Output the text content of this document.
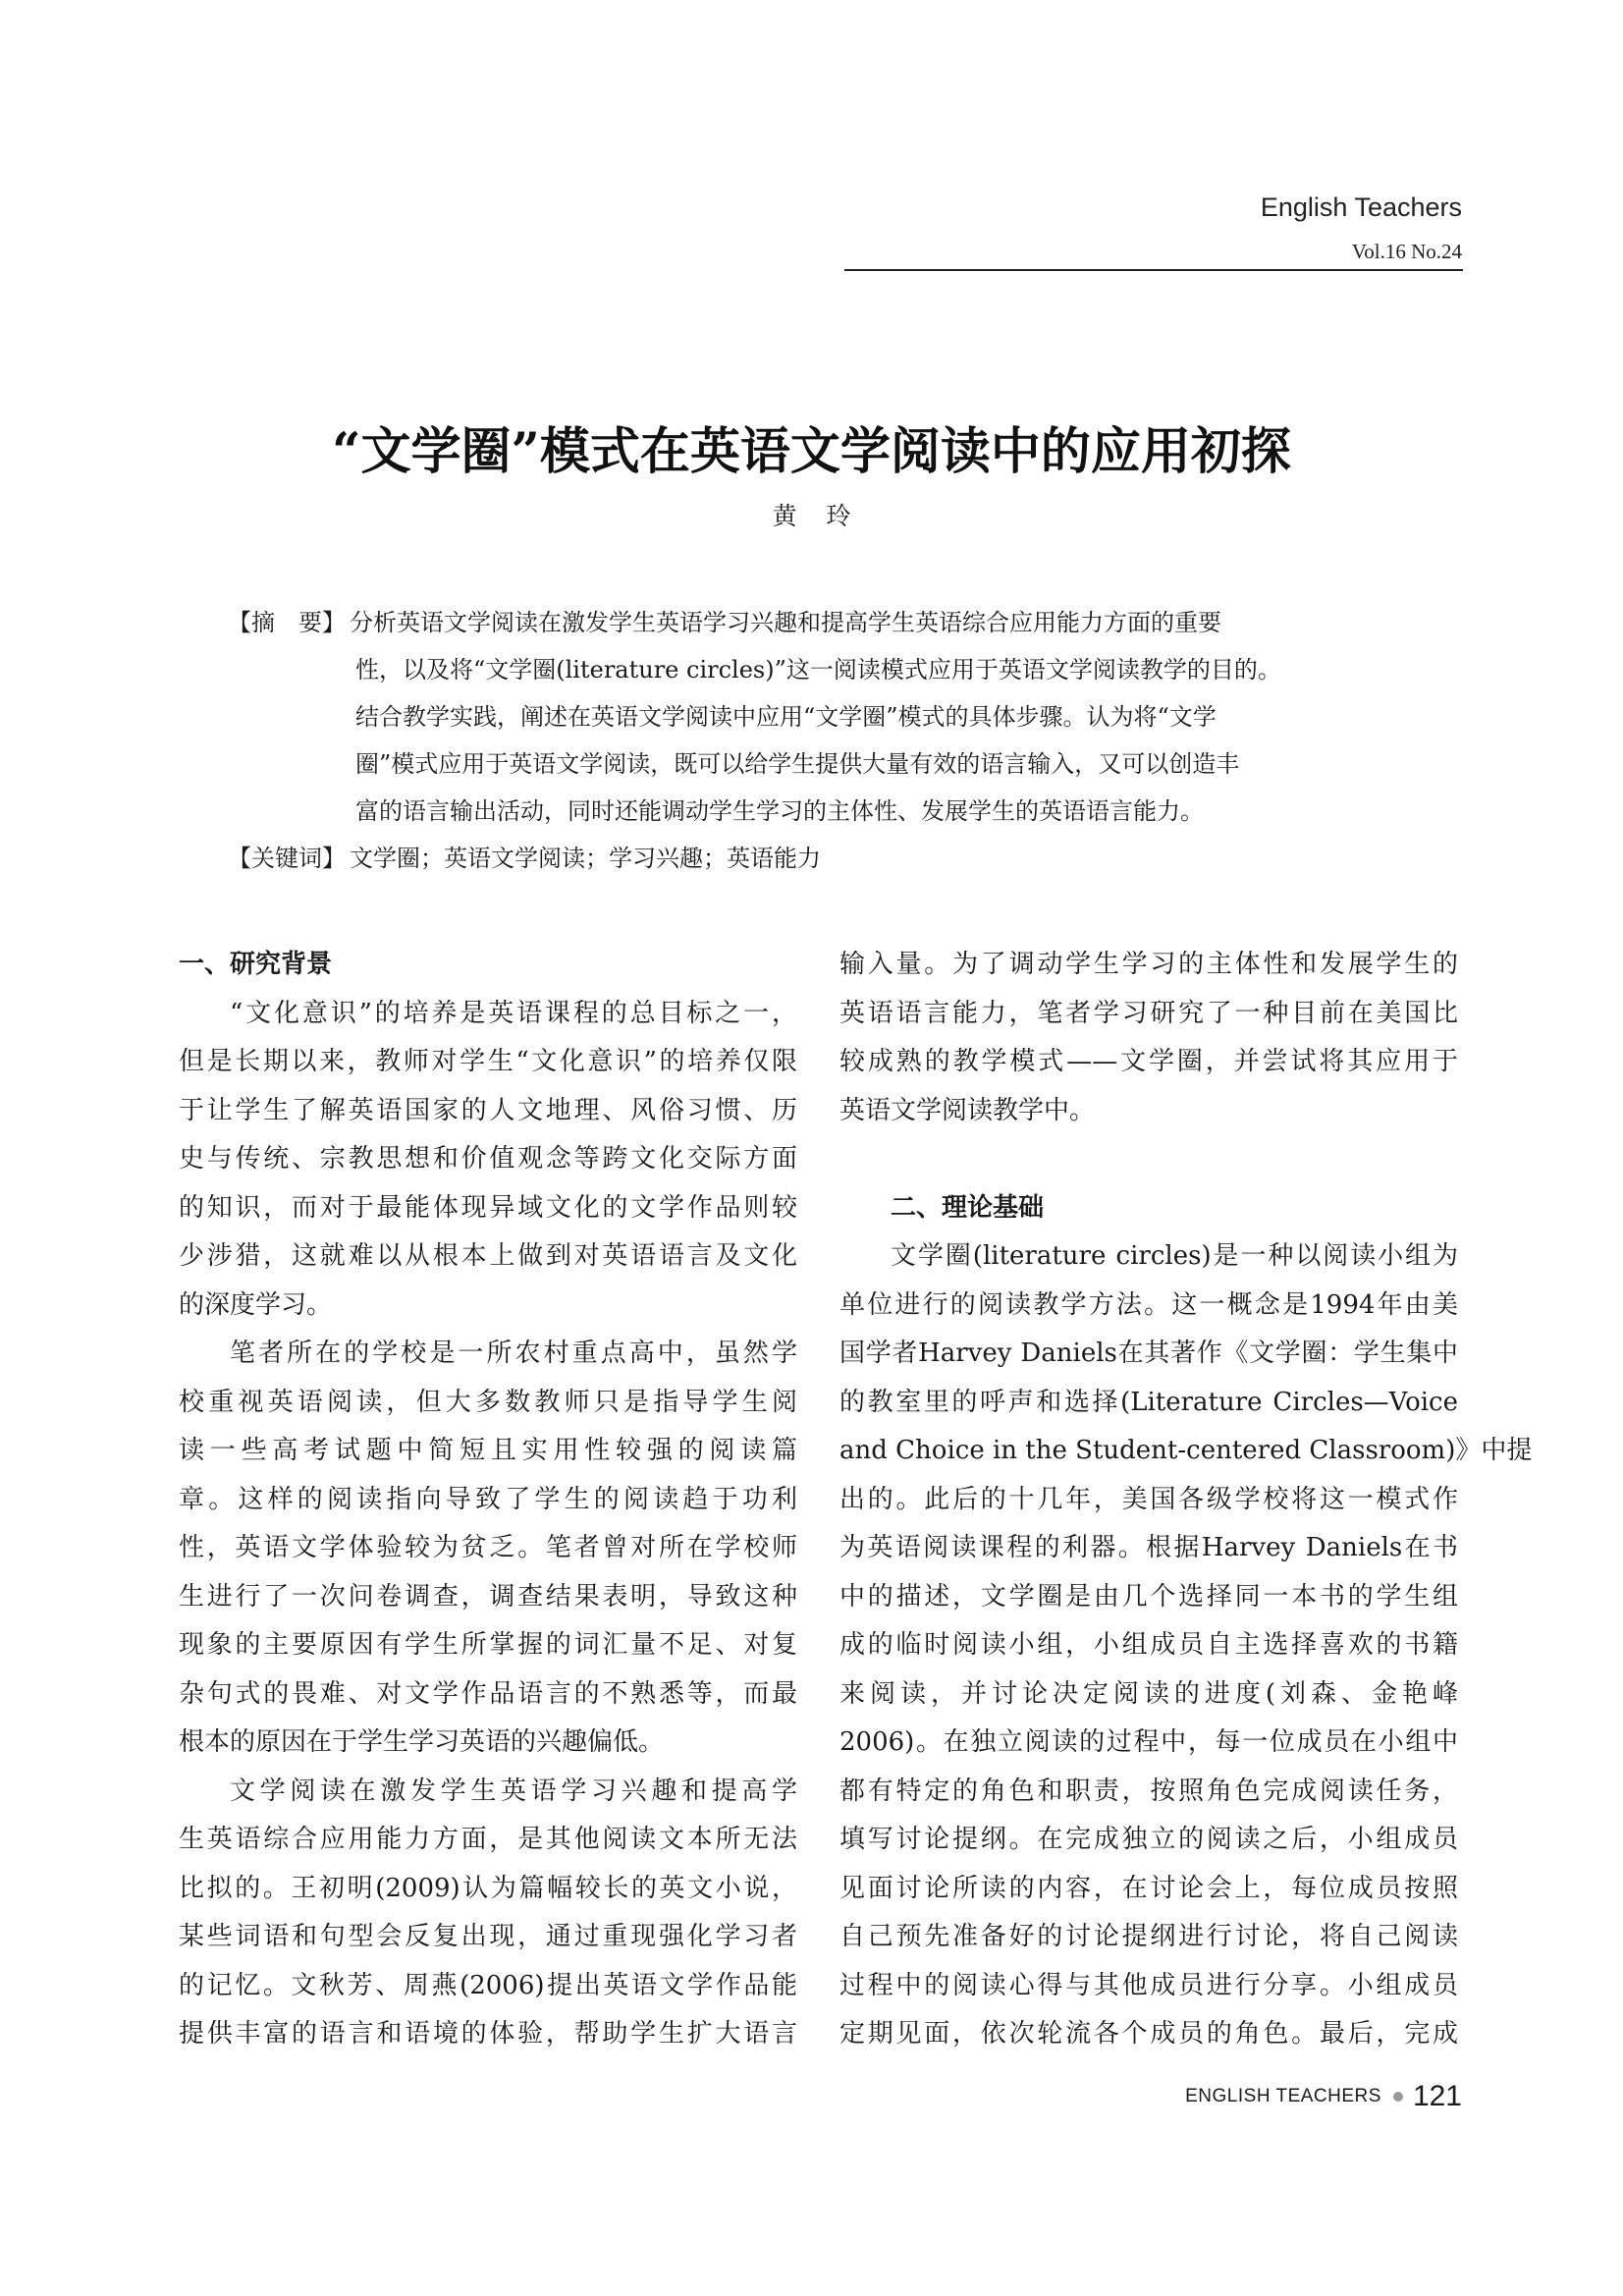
English Teachers
Vol.16 No.24
“文学圈”模式在英语文学阅读中的应用初探
黄玲
【摘　要】 分析英语文学阅读在激发学生英语学习兴趣和提高学生英语综合应用能力方面的重要
性，以及将“文学圈(literature circles)”这一阅读模式应用于英语文学阅读教学的目的。
结合教学实践，阐述在英语文学阅读中应用“文学圈”模式的具体步骤。认为将“文学
圈”模式应用于英语文学阅读，既可以给学生提供大量有效的语言输入，又可以创造丰
富的语言输出活动，同时还能调动学生学习的主体性、发展学生的英语语言能力。
【关键词】 文学圈；英语文学阅读；学习兴趣；英语能力
一、研究背景
“文化意识”的培养是英语课程的总目标之一，
但是长期以来，教师对学生“文化意识”的培养仅限
于让学生了解英语国家的人文地理、风俗习惯、历
史与传统、宗教思想和价值观念等跨文化交际方面
的知识，而对于最能体现异域文化的文学作品则较
少涉猎，这就难以从根本上做到对英语语言及文化
的深度学习。
笔者所在的学校是一所农村重点高中，虽然学
校重视英语阅读，但大多数教师只是指导学生阅
读一些高考试题中简短且实用性较强的阅读篇
章。这样的阅读指向导致了学生的阅读趋于功利
性，英语文学体验较为贫乏。笔者曾对所在学校师
生进行了一次问卷调查，调查结果表明，导致这种
现象的主要原因有学生所掌握的词汇量不足、对复
杂句式的畏难、对文学作品语言的不熟悉等，而最
根本的原因在于学生学习英语的兴趣偏低。
文学阅读在激发学生英语学习兴趣和提高学
生英语综合应用能力方面，是其他阅读文本所无法
比拟的。王初明(2009)认为篇幅较长的英文小说，
某些词语和句型会反复出现，通过重现强化学习者
的记忆。文秋芳、周燕(2006)提出英语文学作品能
提供丰富的语言和语境的体验，帮助学生扩大语言
输入量。为了调动学生学习的主体性和发展学生的
英语语言能力，笔者学习研究了一种目前在美国比
较成熟的教学模式——文学圈，并尝试将其应用于
英语文学阅读教学中。
二、理论基础
文学圈(literature circles)是一种以阅读小组为
单位进行的阅读教学方法。这一概念是1994年由美
国学者Harvey Daniels在其著作《文学圈：学生集中
的教室里的呼声和选择(Literature Circles—Voice
and Choice in the Student-centered Classroom)》中提
出的。此后的十几年，美国各级学校将这一模式作
为英语阅读课程的利器。根据Harvey Daniels在书
中的描述，文学圈是由几个选择同一本书的学生组
成的临时阅读小组，小组成员自主选择喜欢的书籍
来阅读，并讨论决定阅读的进度(刘森、金艳峰
2006)。在独立阅读的过程中，每一位成员在小组中
都有特定的角色和职责，按照角色完成阅读任务，
填写讨论提纲。在完成独立的阅读之后，小组成员
见面讨论所读的内容，在讨论会上，每位成员按照
自己预先准备好的讨论提纲进行讨论，将自己阅读
过程中的阅读心得与其他成员进行分享。小组成员
定期见面，依次轮流各个成员的角色。最后，完成
ENGLISH TEACHERS 121
